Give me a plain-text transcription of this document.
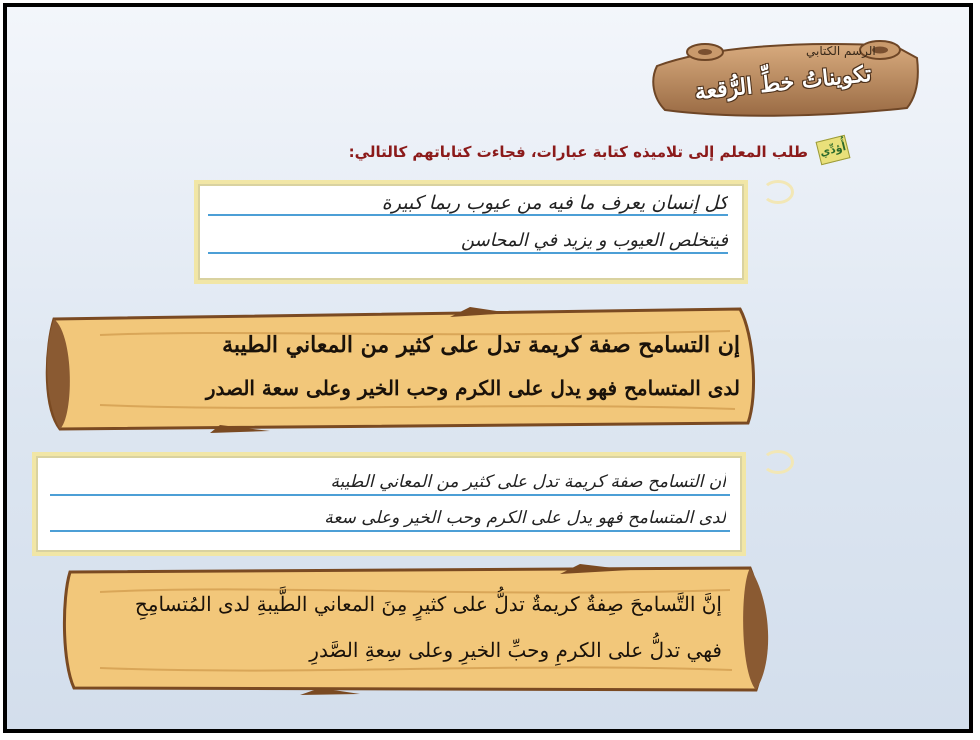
الرسم الكتابي
تكويناتُ خطِّ الرُّقعة
أُؤدِّي
طلب المعلم إلى تلاميذه كتابة عبارات، فجاءت كتاباتهم كالتالي:
كل إنسان يعرف ما فيه من عيوب ربما كبيرة
فيتخلص العيوب و يزيد في المحاسن
إن التسامح صفة كريمة تدل على كثير من المعاني الطيبة
لدى المتسامح فهو يدل على الكرم وحب الخير وعلى سعة الصدر
أن التسامح صفة كريمة تدل على كثير من المعاني الطيبة
لدى المتسامح فهو يدل على الكرم وحب الخير وعلى سعة
إنَّ التَّسامحَ صِفةٌ كريمةٌ تدلُّ على كثيرٍ مِنَ المعاني الطَّيبةِ لدى المُتسامِحِ
فهي تدلُّ على الكرمِ وحبِّ الخيرِ وعلى سِعةِ الصَّدرِ
